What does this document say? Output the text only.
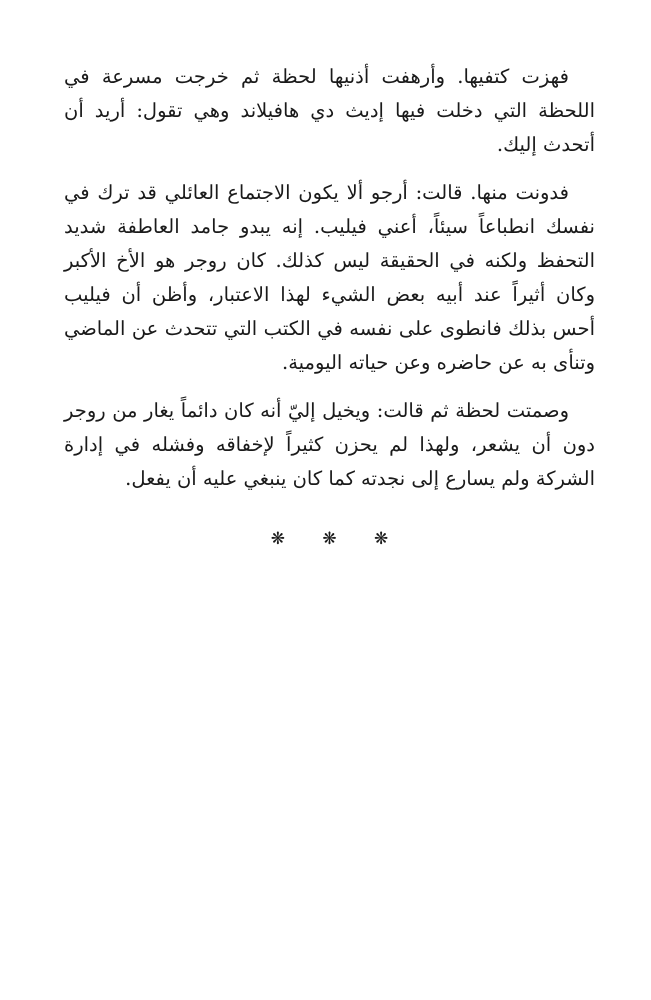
فهزت كتفيها. وأرهفت أذنيها لحظة ثم خرجت مسرعة في اللحظة التي دخلت فيها إديث دي هافيلاند وهي تقول: أريد أن أتحدث إليك.

فدونت منها. قالت: أرجو ألا يكون الاجتماع العائلي قد ترك في نفسك انطباعاً سيئاً، أعني فيليب. إنه يبدو جامد العاطفة شديد التحفظ ولكنه في الحقيقة ليس كذلك. كان روجر هو الأخ الأكبر وكان أثيراً عند أبيه بعض الشيء لهذا الاعتبار، وأظن أن فيليب أحس بذلك فانطوى على نفسه في الكتب التي تتحدث عن الماضي وتنأى به عن حاضره وعن حياته اليومية.

وصمتت لحظة ثم قالت: ويخيل إليّ أنه كان دائماً يغار من روجر دون أن يشعر، ولهذا لم يحزن كثيراً لإخفاقه وفشله في إدارة الشركة ولم يسارع إلى نجدته كما كان ينبغي عليه أن يفعل.

❋ ❋ ❋
